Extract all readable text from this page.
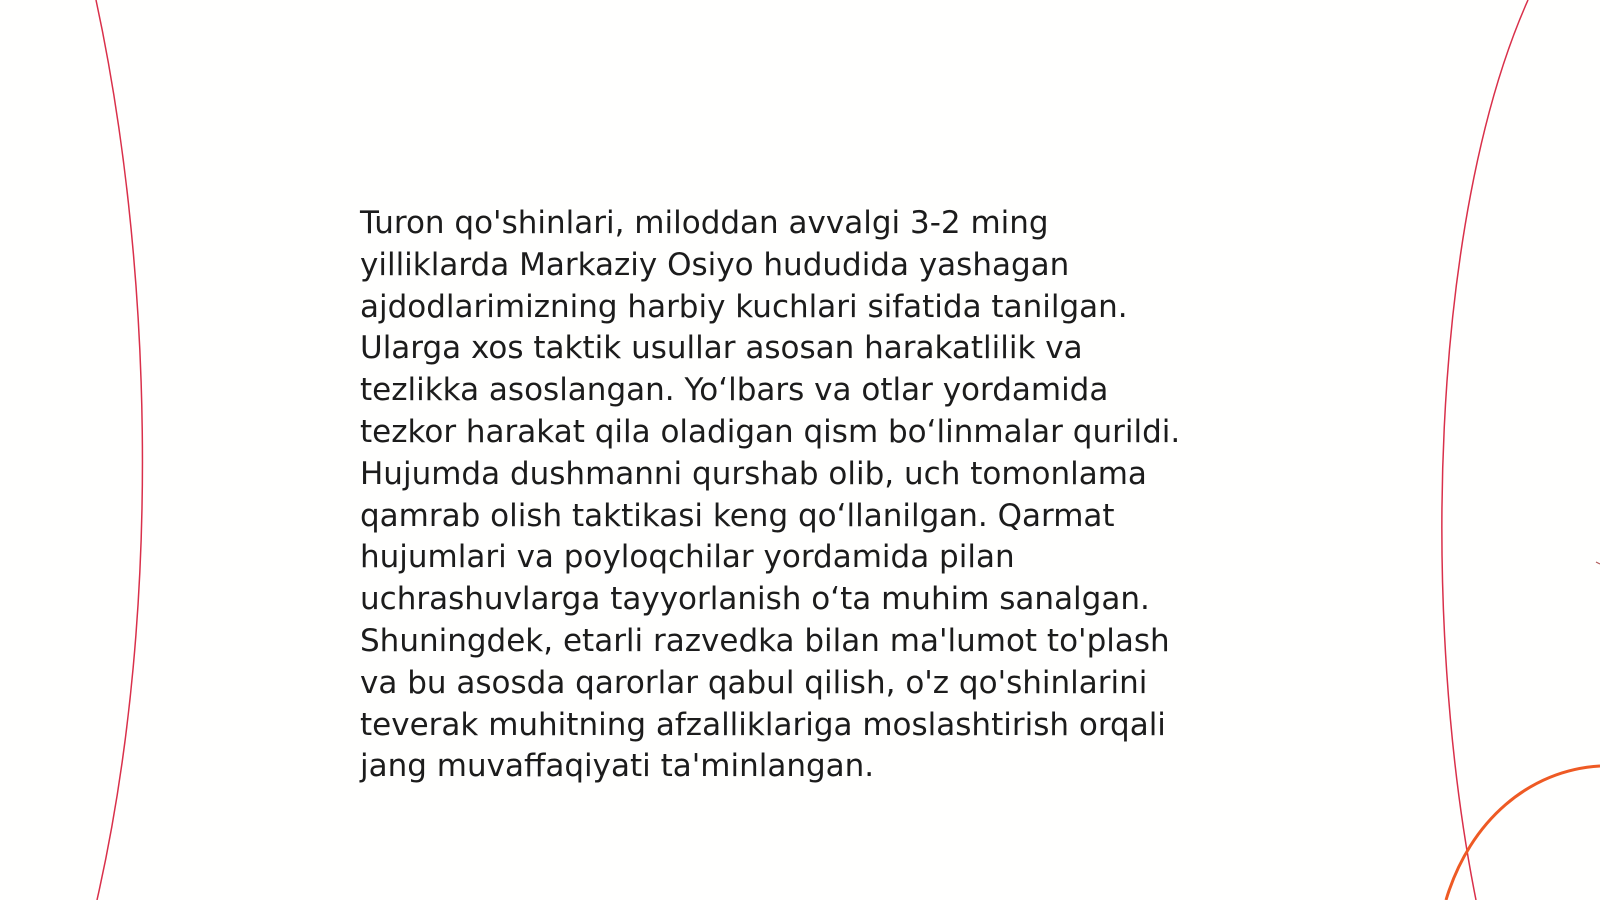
Turon qo'shinlari, miloddan avvalgi 3-2 ming
yilliklarda Markaziy Osiyo hududida yashagan
ajdodlarimizning harbiy kuchlari sifatida tanilgan.
Ularga xos taktik usullar asosan harakatlilik va
tezlikka asoslangan. Yo‘lbars va otlar yordamida
tezkor harakat qila oladigan qism bo‘linmalar qurildi.
Hujumda dushmanni qurshab olib, uch tomonlama
qamrab olish taktikasi keng qo‘llanilgan. Qarmat
hujumlari va poyloqchilar yordamida pilan
uchrashuvlarga tayyorlanish o‘ta muhim sanalgan.
Shuningdek, etarli razvedka bilan ma'lumot to'plash
va bu asosda qarorlar qabul qilish, o'z qo'shinlarini
teverak muhitning afzalliklariga moslashtirish orqali
jang muvaffaqiyati ta'minlangan.
